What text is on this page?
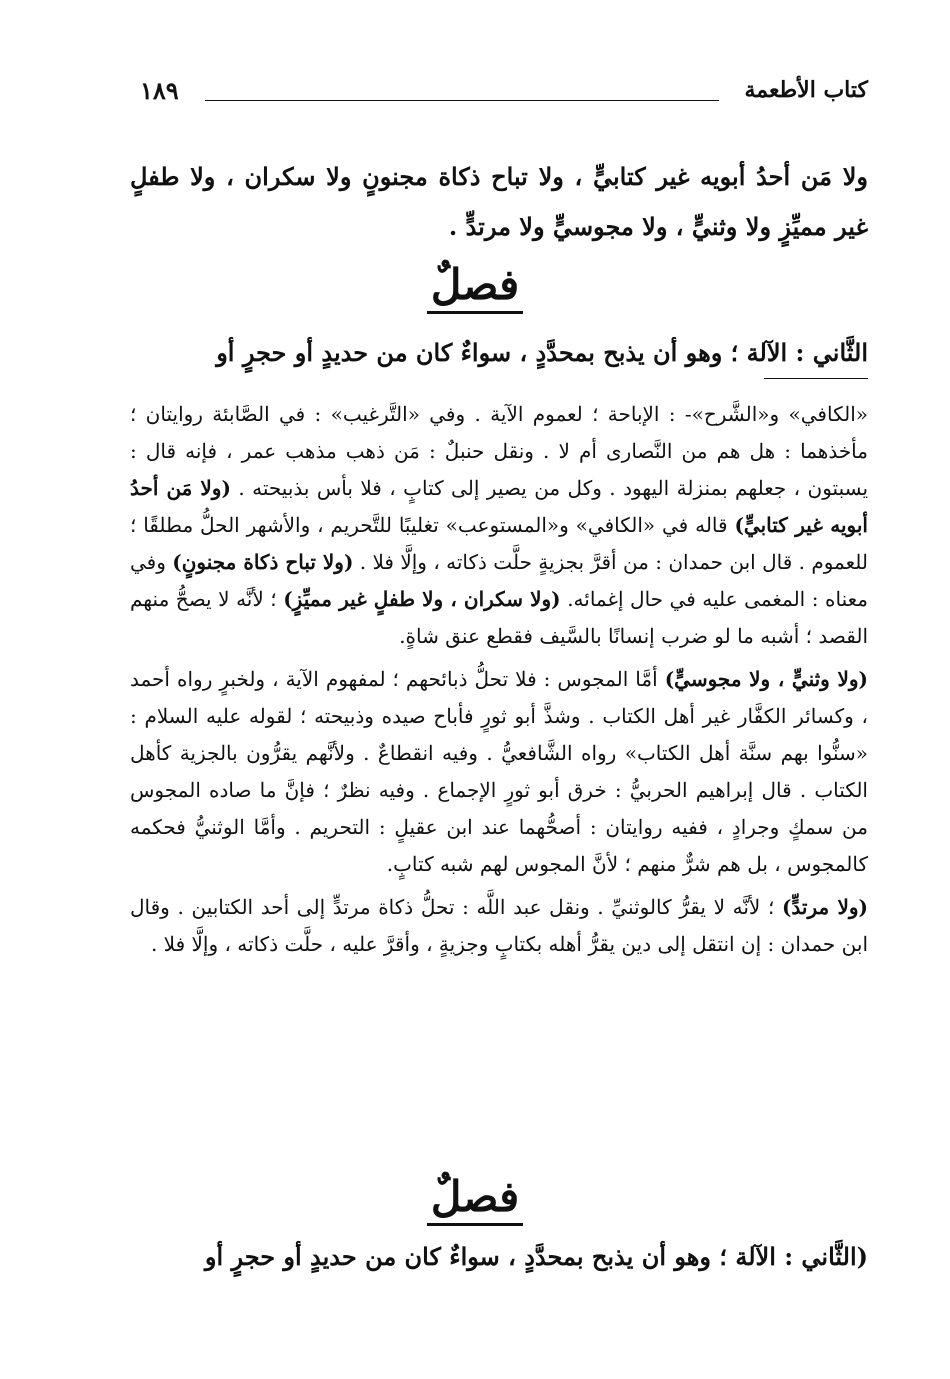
كتاب الأطعمة
١٨٩
ولا مَن أحدُ أبويه غير كتابيٍّ ، ولا تباح ذكاة مجنونٍ ولا سكران ، ولا طفلٍ غير مميِّزٍ ولا وثنيٍّ ، ولا مجوسيٍّ ولا مرتدٍّ .
فصلٌ
الثَّاني : الآلة ؛ وهو أن يذبح بمحدَّدٍ ، سواءٌ كان من حديدٍ أو حجرٍ أو

«الكافي» و«الشَّرح»- : الإباحة ؛ لعموم الآية . وفي «التَّرغيب» : في الصَّابئة روايتان ؛ مأخذهما : هل هم من النَّصارى أم لا . ونقل حنبلٌ : مَن ذهب مذهب عمر ، فإنه قال : يسبتون ، جعلهم بمنزلة اليهود . وكل من يصير إلى كتابٍ ، فلا بأس بذبيحته . (ولا مَن أحدُ أبويه غير كتابيٍّ) قاله في «الكافي» و«المستوعب» تغليبًا للتَّحريم ، والأشهر الحلُّ مطلقًا ؛ للعموم . قال ابن حمدان : من أقرَّ بجزيةٍ حلَّت ذكاته ، وإلَّا فلا . (ولا تباح ذكاة مجنونٍ) وفي معناه : المغمى عليه في حال إغمائه. (ولا سكران ، ولا طفلٍ غير مميِّزٍ) ؛ لأنَّه لا يصحُّ منهم القصد ؛ أشبه ما لو ضرب إنسانًا بالسَّيف فقطع عنق شاةٍ.

(ولا وثنيٍّ ، ولا مجوسيٍّ) أمَّا المجوس : فلا تحلُّ ذبائحهم ؛ لمفهوم الآية ، ولخبرٍ رواه أحمد ، وكسائر الكفَّار غير أهل الكتاب . وشذَّ أبو ثورٍ فأباح صيده وذبيحته ؛ لقوله عليه السلام : «سنُّوا بهم سنَّة أهل الكتاب» رواه الشَّافعيُّ . وفيه انقطاعٌ . ولأنَّهم يقرُّون بالجزية كأهل الكتاب . قال إبراهيم الحربيُّ : خرق أبو ثورٍ الإجماع . وفيه نظرٌ ؛ فإنَّ ما صاده المجوس من سمكٍ وجرادٍ ، ففيه روايتان : أصحُّهما عند ابن عقيلٍ : التحريم . وأمَّا الوثنيُّ فحكمه كالمجوس ، بل هم شرٌّ منهم ؛ لأنَّ المجوس لهم شبه كتابٍ.

(ولا مرتدٍّ) ؛ لأنَّه لا يقرُّ كالوثنيِّ . ونقل عبد اللَّه : تحلُّ ذكاة مرتدٍّ إلى أحد الكتابين . وقال ابن حمدان : إن انتقل إلى دين يقرُّ أهله بكتابٍ وجزيةٍ ، وأقرَّ عليه ، حلَّت ذكاته ، وإلَّا فلا .

فصلٌ
(الثَّاني : الآلة ؛ وهو أن يذبح بمحدَّدٍ ، سواءٌ كان من حديدٍ أو حجرٍ أو
